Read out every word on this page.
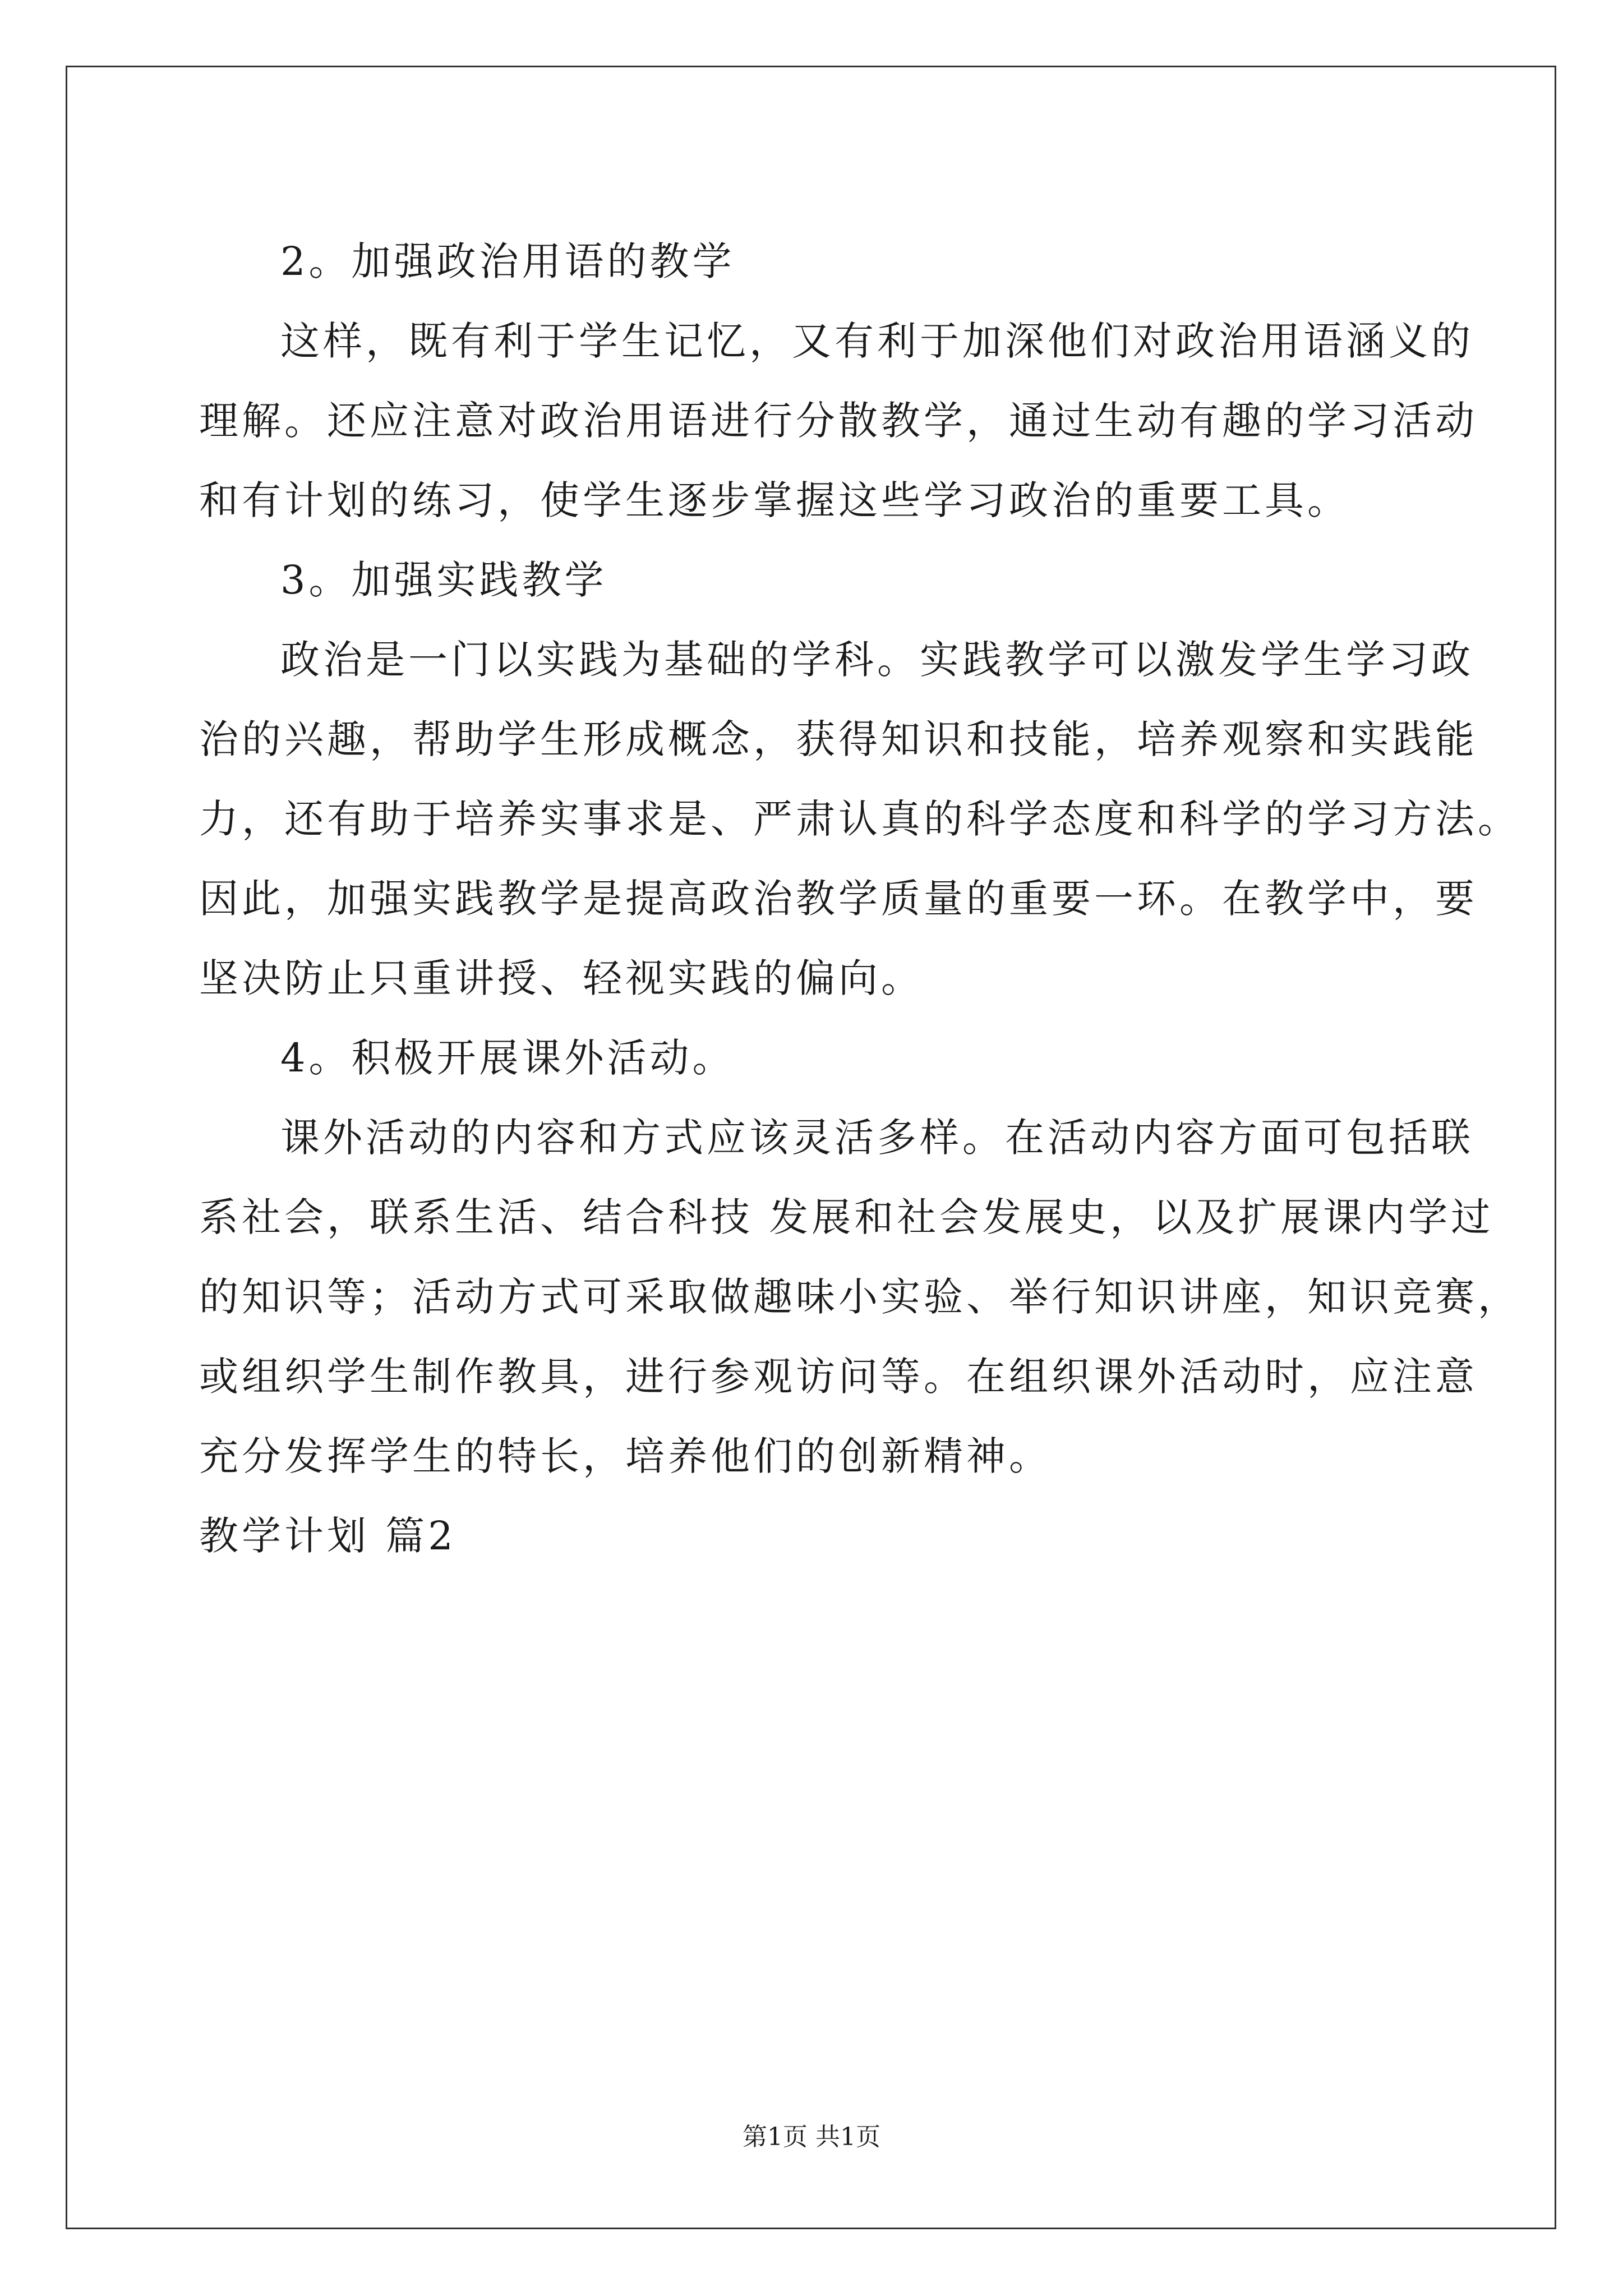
2。加强政治用语的教学

这样，既有利于学生记忆，又有利于加深他们对政治用语涵义的

理解。还应注意对政治用语进行分散教学，通过生动有趣的学习活动

和有计划的练习，使学生逐步掌握这些学习政治的重要工具。

3。加强实践教学

政治是一门以实践为基础的学科。实践教学可以激发学生学习政

治的兴趣，帮助学生形成概念，获得知识和技能，培养观察和实践能

力，还有助于培养实事求是、严肃认真的科学态度和科学的学习方法。

因此，加强实践教学是提高政治教学质量的重要一环。在教学中，要

坚决防止只重讲授、轻视实践的偏向。

4。积极开展课外活动。

课外活动的内容和方式应该灵活多样。在活动内容方面可包括联

系社会，联系生活、结合科技 发展和社会发展史，以及扩展课内学过

的知识等；活动方式可采取做趣味小实验、举行知识讲座，知识竞赛，

或组织学生制作教具，进行参观访问等。在组织课外活动时，应注意

充分发挥学生的特长，培养他们的创新精神。

教学计划 篇2

第1页 共1页
